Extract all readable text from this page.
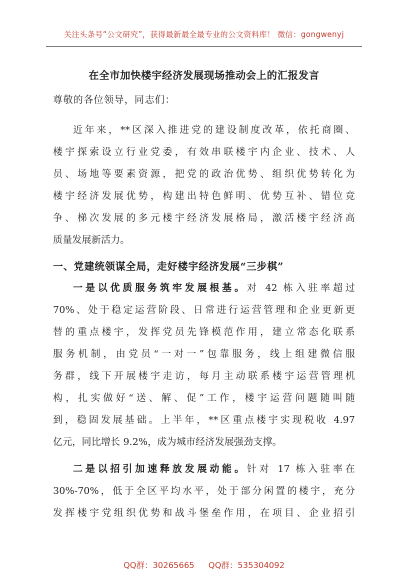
关注头条号“公文研究”，获得最新最全最专业的公文资料库！ 微信：gongwenyj
在全市加快楼宇经济发展现场推动会上的汇报发言
尊敬的各位领导，同志们：
近年来，**区深入推进党的建设制度改革，依托商圈、
楼宇探索设立行业党委，有效串联楼宇内企业、技术、人
员、场地等要素资源，把党的政治优势、组织优势转化为
楼宇经济发展优势，构建出特色鲜明、优势互补、错位竞
争、梯次发展的多元楼宇经济发展格局，激活楼宇经济高
质量发展新活力。
一、党建统领谋全局，走好楼宇经济发展“三步棋”
一是以优质服务筑牢发展根基。对 42 栋入驻率超过
70%、处于稳定运营阶段、日常进行运营管理和企业更新更
替的重点楼宇，发挥党员先锋模范作用，建立常态化联系
服务机制，由党员“一对一”包靠服务，线上组建微信服
务群，线下开展楼宇走访，每月主动联系楼宇运营管理机
构，扎实做好“送、解、促”工作，楼宇运营问题随叫随
到，稳固发展基础。上半年，**区重点楼宇实现税收 4.97
亿元，同比增长 9.2%，成为城市经济发展强劲支撑。
二是以招引加速释放发展动能。针对 17 栋入驻率在
30%-70%，低于全区平均水平，处于部分闲置的楼宇，充分
发挥楼宇党组织优势和战斗堡垒作用，在项目、企业招引
QQ群：30265665 QQ群：535304092
